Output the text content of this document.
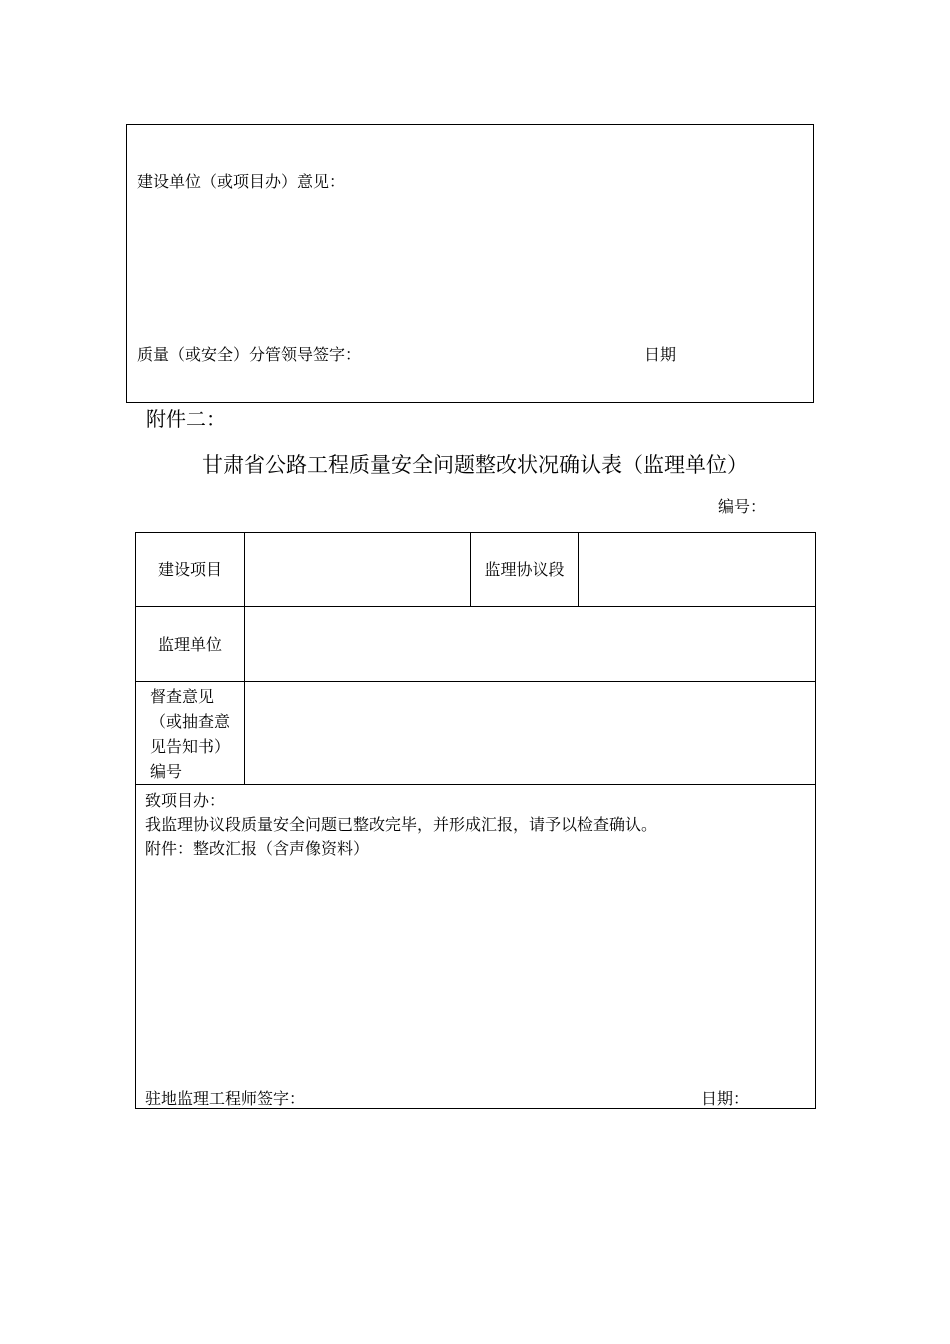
建设单位（或项目办）意见：
质量（或安全）分管领导签字：	日期
附件二：
甘肃省公路工程质量安全问题整改状况确认表（监理单位）
编号：
建设项目		监理协议段	
监理单位			
督查意见（或抽查意见告知书）编号			

致项目办：
我监理协议段质量安全问题已整改完毕，并形成汇报，请予以检查确认。
附件：整改汇报（含声像资料）
驻地监理工程师签字： 日期：			
